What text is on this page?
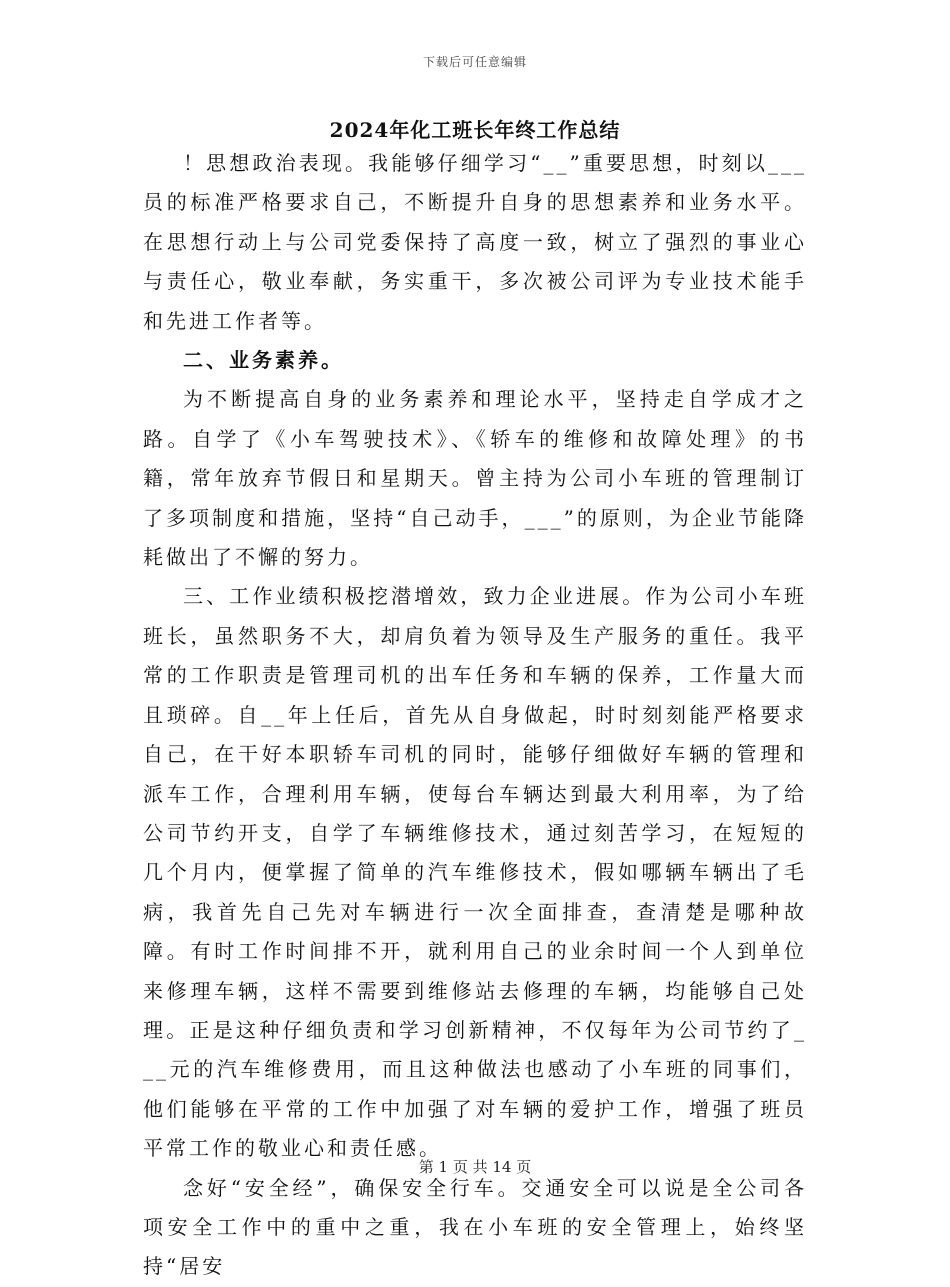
下载后可任意编辑
2024年化工班长年终工作总结

！思想政治表现。我能够仔细学习“__”重要思想，时刻以___员的标准严格要求自己，不断提升自身的思想素养和业务水平。在思想行动上与公司党委保持了高度一致，树立了强烈的事业心与责任心，敬业奉献，务实重干，多次被公司评为专业技术能手和先进工作者等。

二、业务素养。

为不断提高自身的业务素养和理论水平，坚持走自学成才之路。自学了《小车驾驶技术》、《轿车的维修和故障处理》的书籍，常年放弃节假日和星期天。曾主持为公司小车班的管理制订了多项制度和措施，坚持“自己动手，___”的原则，为企业节能降耗做出了不懈的努力。

三、工作业绩积极挖潜增效，致力企业进展。作为公司小车班班长，虽然职务不大，却肩负着为领导及生产服务的重任。我平常的工作职责是管理司机的出车任务和车辆的保养，工作量大而且琐碎。自__年上任后，首先从自身做起，时时刻刻能严格要求自己，在干好本职轿车司机的同时，能够仔细做好车辆的管理和派车工作，合理利用车辆，使每台车辆达到最大利用率，为了给公司节约开支，自学了车辆维修技术，通过刻苦学习，在短短的几个月内，便掌握了简单的汽车维修技术，假如哪辆车辆出了毛病，我首先自己先对车辆进行一次全面排查，查清楚是哪种故障。有时工作时间排不开，就利用自己的业余时间一个人到单位来修理车辆，这样不需要到维修站去修理的车辆，均能够自己处理。正是这种仔细负责和学习创新精神，不仅每年为公司节约了___元的汽车维修费用，而且这种做法也感动了小车班的同事们，他们能够在平常的工作中加强了对车辆的爱护工作，增强了班员平常工作的敬业心和责任感。

念好“安全经”，确保安全行车。交通安全可以说是全公司各项安全工作中的重中之重，我在小车班的安全管理上，始终坚持“居安

第 1 页 共 14 页
